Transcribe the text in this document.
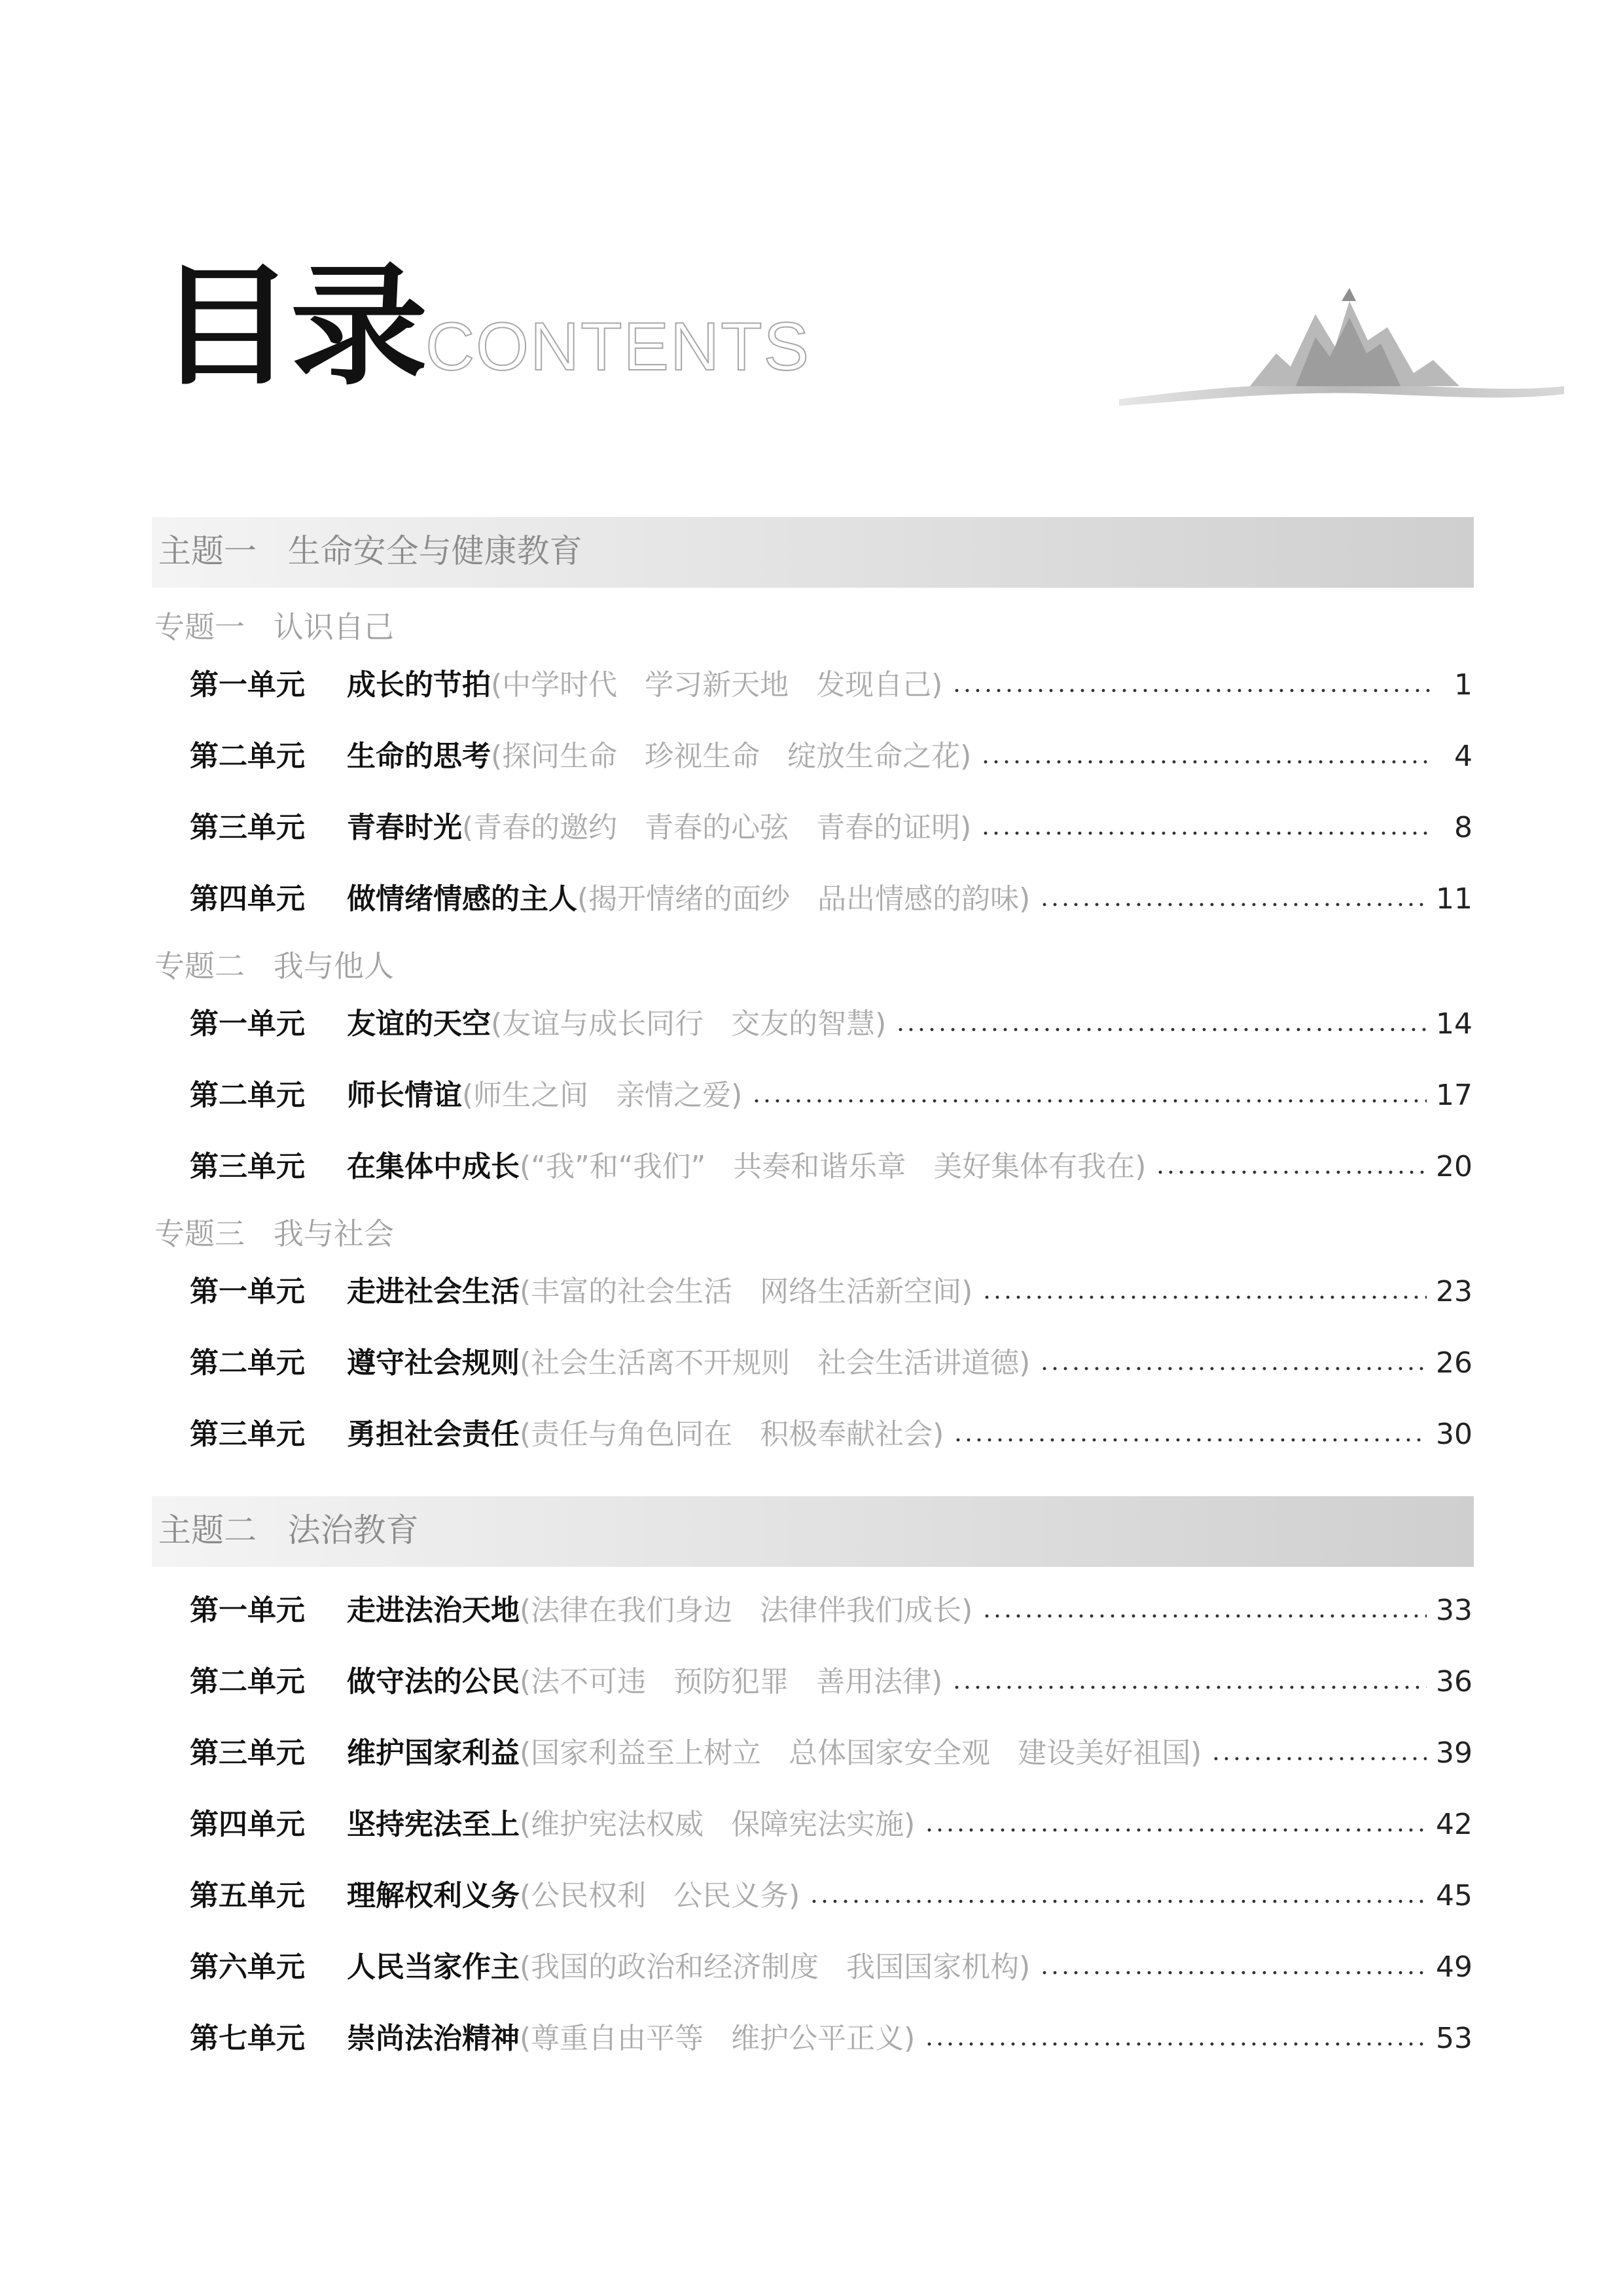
目录 CONTENTS
主题一   生命安全与健康教育
专题一   认识自己
第一单元	成长的节拍 (中学时代   学习新天地   发现自己)	1
第二单元	生命的思考 (探问生命   珍视生命   绽放生命之花)	4
第三单元	青春时光 (青春的邀约   青春的心弦   青春的证明)	8
第四单元	做情绪情感的主人 (揭开情绪的面纱   品出情感的韵味)	11
专题二   我与他人
第一单元	友谊的天空 (友谊与成长同行   交友的智慧)	14
第二单元	师长情谊 (师生之间   亲情之爱)	17
第三单元	在集体中成长 (“我”和“我们”   共奏和谐乐章   美好集体有我在)	20
专题三   我与社会
第一单元	走进社会生活 (丰富的社会生活   网络生活新空间)	23
第二单元	遵守社会规则 (社会生活离不开规则   社会生活讲道德)	26
第三单元	勇担社会责任 (责任与角色同在   积极奉献社会)	30
主题二   法治教育
第一单元	走进法治天地 (法律在我们身边   法律伴我们成长)	33
第二单元	做守法的公民 (法不可违   预防犯罪   善用法律)	36
第三单元	维护国家利益 (国家利益至上树立   总体国家安全观   建设美好祖国)	39
第四单元	坚持宪法至上 (维护宪法权威   保障宪法实施)	42
第五单元	理解权利义务 (公民权利   公民义务)	45
第六单元	人民当家作主 (我国的政治和经济制度   我国国家机构)	49
第七单元	崇尚法治精神 (尊重自由平等   维护公平正义)	53
